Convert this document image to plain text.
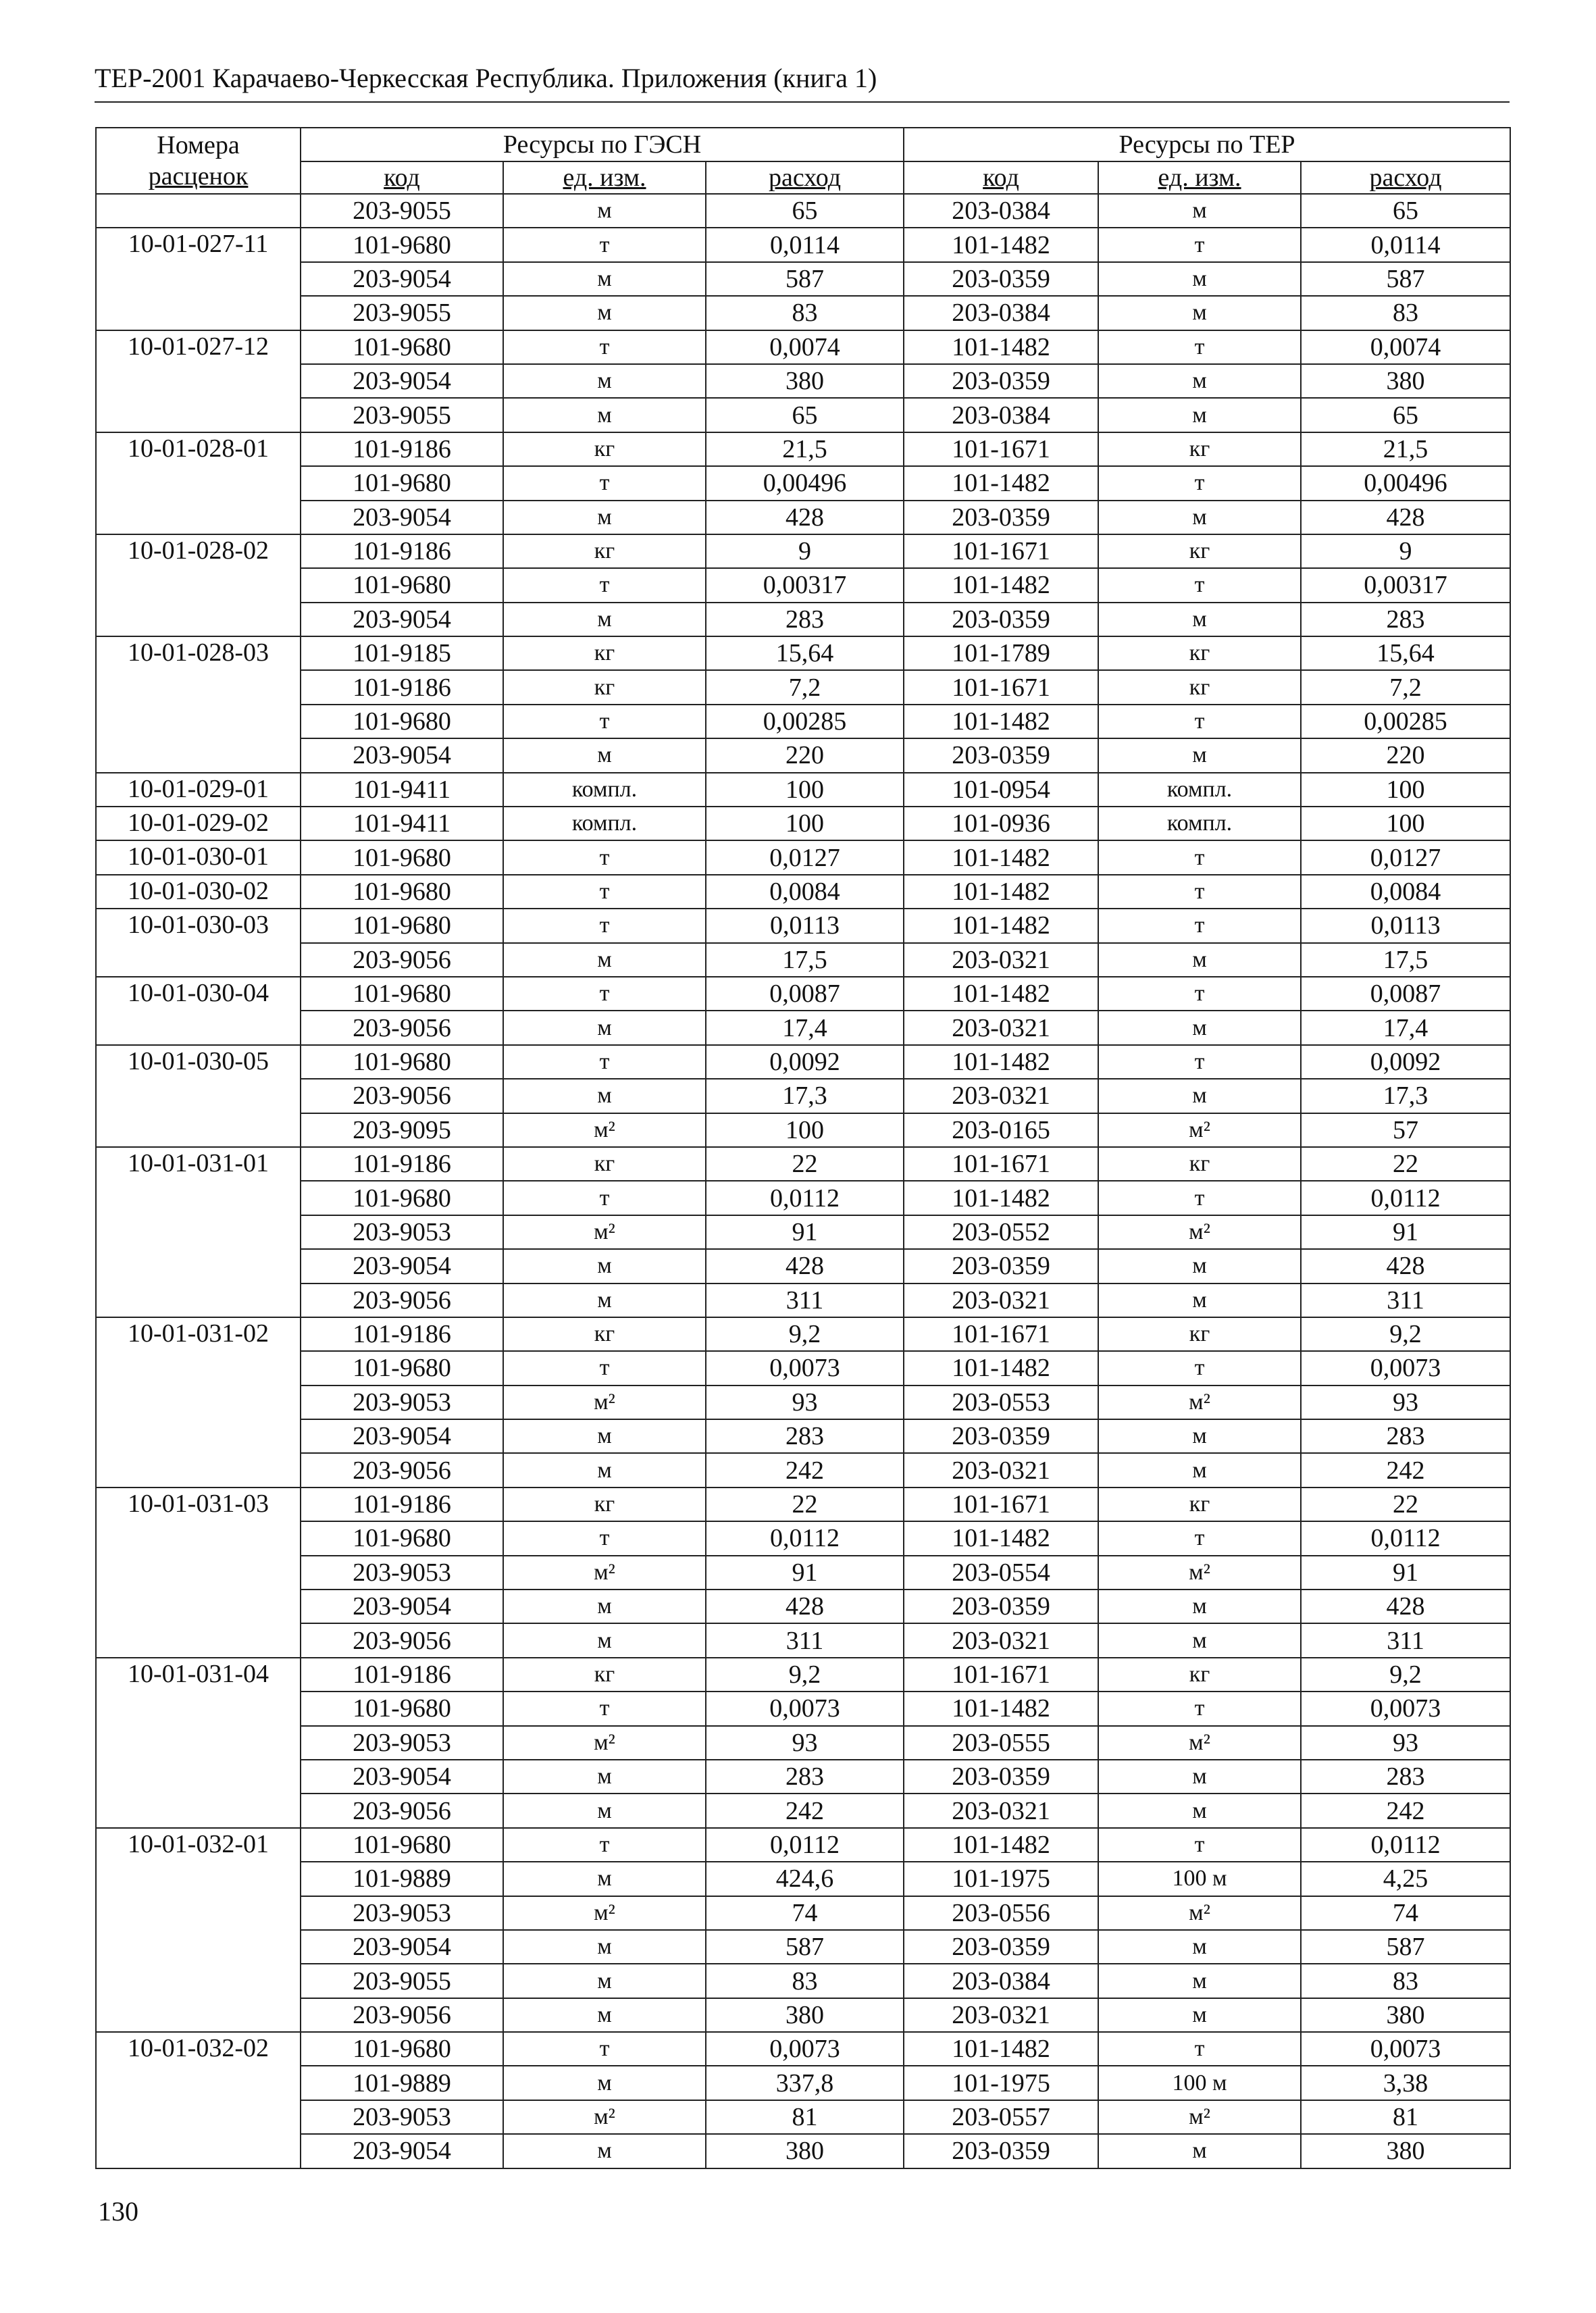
ТЕР-2001 Карачаево-Черкесская Республика. Приложения (книга 1)
Номера
расценок	Ресурсы по ГЭСН			Ресурсы по ТЕР		
	код	ед. изм.	расход	код	ед. изм.	расход
	203-9055	м	65	203-0384	м	65
10-01-027-11	101-9680	т	0,0114	101-1482	т	0,0114
	203-9054	м	587	203-0359	м	587
	203-9055	м	83	203-0384	м	83
10-01-027-12	101-9680	т	0,0074	101-1482	т	0,0074
	203-9054	м	380	203-0359	м	380
	203-9055	м	65	203-0384	м	65
10-01-028-01	101-9186	кг	21,5	101-1671	кг	21,5
	101-9680	т	0,00496	101-1482	т	0,00496
	203-9054	м	428	203-0359	м	428
10-01-028-02	101-9186	кг	9	101-1671	кг	9
	101-9680	т	0,00317	101-1482	т	0,00317
	203-9054	м	283	203-0359	м	283
10-01-028-03	101-9185	кг	15,64	101-1789	кг	15,64
	101-9186	кг	7,2	101-1671	кг	7,2
	101-9680	т	0,00285	101-1482	т	0,00285
	203-9054	м	220	203-0359	м	220
10-01-029-01	101-9411	компл.	100	101-0954	компл.	100
10-01-029-02	101-9411	компл.	100	101-0936	компл.	100
10-01-030-01	101-9680	т	0,0127	101-1482	т	0,0127
10-01-030-02	101-9680	т	0,0084	101-1482	т	0,0084
10-01-030-03	101-9680	т	0,0113	101-1482	т	0,0113
	203-9056	м	17,5	203-0321	м	17,5
10-01-030-04	101-9680	т	0,0087	101-1482	т	0,0087
	203-9056	м	17,4	203-0321	м	17,4
10-01-030-05	101-9680	т	0,0092	101-1482	т	0,0092
	203-9056	м	17,3	203-0321	м	17,3
	203-9095	м²	100	203-0165	м²	57
10-01-031-01	101-9186	кг	22	101-1671	кг	22
	101-9680	т	0,0112	101-1482	т	0,0112
	203-9053	м²	91	203-0552	м²	91
	203-9054	м	428	203-0359	м	428
	203-9056	м	311	203-0321	м	311
10-01-031-02	101-9186	кг	9,2	101-1671	кг	9,2
	101-9680	т	0,0073	101-1482	т	0,0073
	203-9053	м²	93	203-0553	м²	93
	203-9054	м	283	203-0359	м	283
	203-9056	м	242	203-0321	м	242
10-01-031-03	101-9186	кг	22	101-1671	кг	22
	101-9680	т	0,0112	101-1482	т	0,0112
	203-9053	м²	91	203-0554	м²	91
	203-9054	м	428	203-0359	м	428
	203-9056	м	311	203-0321	м	311
10-01-031-04	101-9186	кг	9,2	101-1671	кг	9,2
	101-9680	т	0,0073	101-1482	т	0,0073
	203-9053	м²	93	203-0555	м²	93
	203-9054	м	283	203-0359	м	283
	203-9056	м	242	203-0321	м	242
10-01-032-01	101-9680	т	0,0112	101-1482	т	0,0112
	101-9889	м	424,6	101-1975	100 м	4,25
	203-9053	м²	74	203-0556	м²	74
	203-9054	м	587	203-0359	м	587
	203-9055	м	83	203-0384	м	83
	203-9056	м	380	203-0321	м	380
10-01-032-02	101-9680	т	0,0073	101-1482	т	0,0073
	101-9889	м	337,8	101-1975	100 м	3,38
	203-9053	м²	81	203-0557	м²	81
	203-9054	м	380	203-0359	м	380
130
